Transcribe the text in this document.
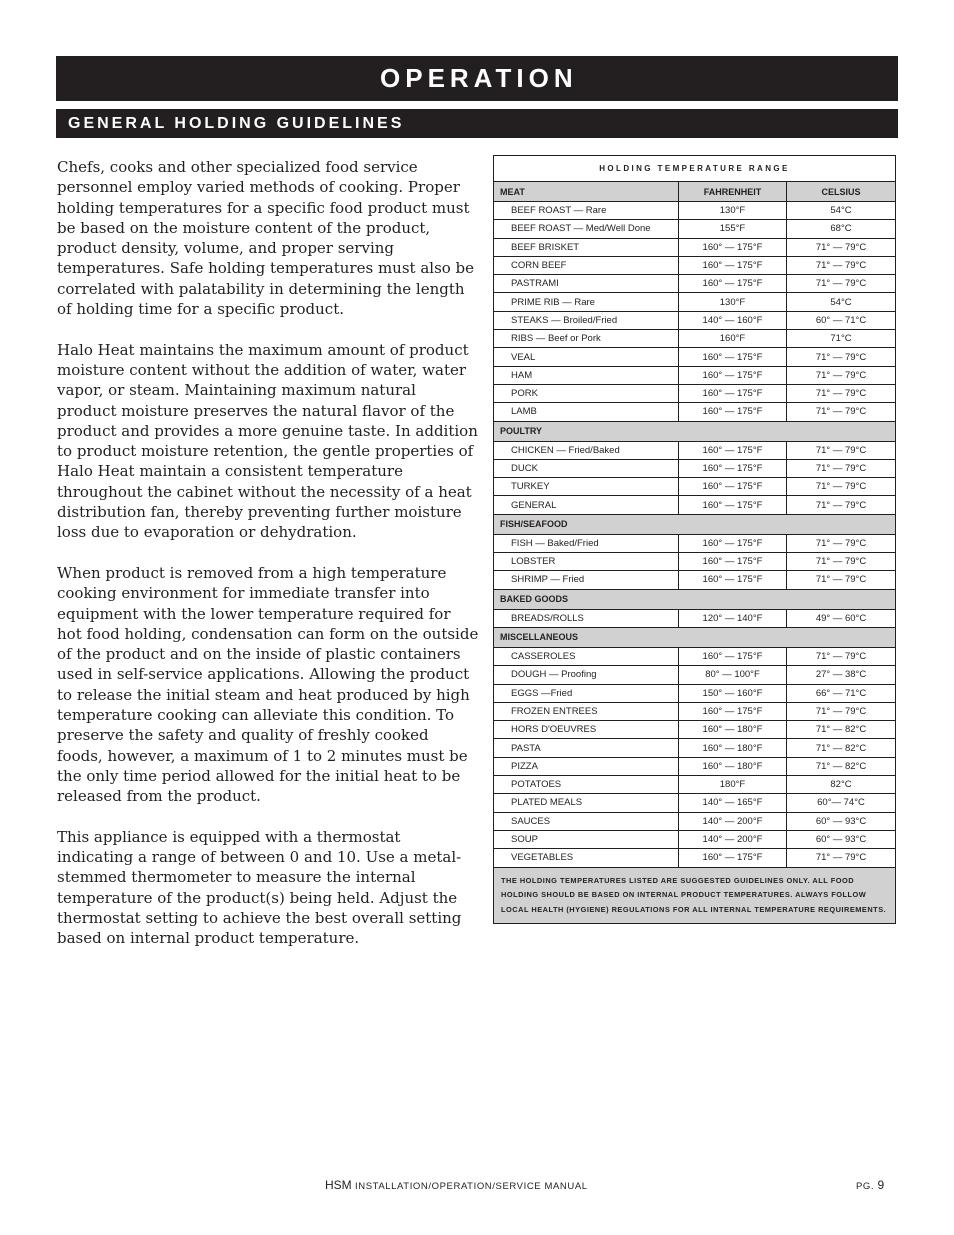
OPERATION
GENERAL HOLDING GUIDELINES

Chefs, cooks and other specialized food service personnel employ varied methods of cooking. Proper holding temperatures for a specific food product must be based on the moisture content of the product, product density, volume, and proper serving temperatures. Safe holding temperatures must also be correlated with palatability in determining the length of holding time for a specific product.

Halo Heat maintains the maximum amount of product moisture content without the addition of water, water vapor, or steam. Maintaining maximum natural product moisture preserves the natural flavor of the product and provides a more genuine taste. In addition to product moisture retention, the gentle properties of Halo Heat maintain a consistent temperature throughout the cabinet without the necessity of a heat distribution fan, thereby preventing further moisture loss due to evaporation or dehydration.

When product is removed from a high temperature cooking environment for immediate transfer into equipment with the lower temperature required for hot food holding, condensation can form on the outside of the product and on the inside of plastic containers used in self-service applications. Allowing the product to release the initial steam and heat produced by high temperature cooking can alleviate this condition. To preserve the safety and quality of freshly cooked foods, however, a maximum of 1 to 2 minutes must be the only time period allowed for the initial heat to be released from the product.

This appliance is equipped with a thermostat indicating a range of between 0 and 10. Use a metal-stemmed thermometer to measure the internal temperature of the product(s) being held. Adjust the thermostat setting to achieve the best overall setting based on internal product temperature.

HOLDING TEMPERATURE RANGE
MEAT	FAHRENHEIT	CELSIUS
BEEF ROAST — Rare	130°F	54°C
BEEF ROAST — Med/Well Done	155°F	68°C
BEEF BRISKET	160° — 175°F	71° — 79°C
CORN BEEF	160° — 175°F	71° — 79°C
PASTRAMI	160° — 175°F	71° — 79°C
PRIME RIB — Rare	130°F	54°C
STEAKS — Broiled/Fried	140° — 160°F	60° — 71°C
RIBS — Beef or Pork	160°F	71°C
VEAL	160° — 175°F	71° — 79°C
HAM	160° — 175°F	71° — 79°C
PORK	160° — 175°F	71° — 79°C
LAMB	160° — 175°F	71° — 79°C
POULTRY
CHICKEN — Fried/Baked	160° — 175°F	71° — 79°C
DUCK	160° — 175°F	71° — 79°C
TURKEY	160° — 175°F	71° — 79°C
GENERAL	160° — 175°F	71° — 79°C
FISH/SEAFOOD
FISH — Baked/Fried	160° — 175°F	71° — 79°C
LOBSTER	160° — 175°F	71° — 79°C
SHRIMP — Fried	160° — 175°F	71° — 79°C
BAKED GOODS
BREADS/ROLLS	120° — 140°F	49° — 60°C
MISCELLANEOUS
CASSEROLES	160° — 175°F	71° — 79°C
DOUGH — Proofing	80° — 100°F	27° — 38°C
EGGS —Fried	150° — 160°F	66° — 71°C
FROZEN ENTREES	160° — 175°F	71° — 79°C
HORS D'OEUVRES	160° — 180°F	71° — 82°C
PASTA	160° — 180°F	71° — 82°C
PIZZA	160° — 180°F	71° — 82°C
POTATOES	180°F	82°C
PLATED MEALS	140° — 165°F	60°— 74°C
SAUCES	140° — 200°F	60° — 93°C
SOUP	140° — 200°F	60° — 93°C
VEGETABLES	160° — 175°F	71° — 79°C
THE HOLDING TEMPERATURES LISTED ARE SUGGESTED GUIDELINES ONLY. ALL FOOD HOLDING SHOULD BE BASED ON INTERNAL PRODUCT TEMPERATURES. ALWAYS FOLLOW LOCAL HEALTH (HYGIENE) REGULATIONS FOR ALL INTERNAL TEMPERATURE REQUIREMENTS.
HSM INSTALLATION/OPERATION/SERVICE MANUAL	PG. 9
